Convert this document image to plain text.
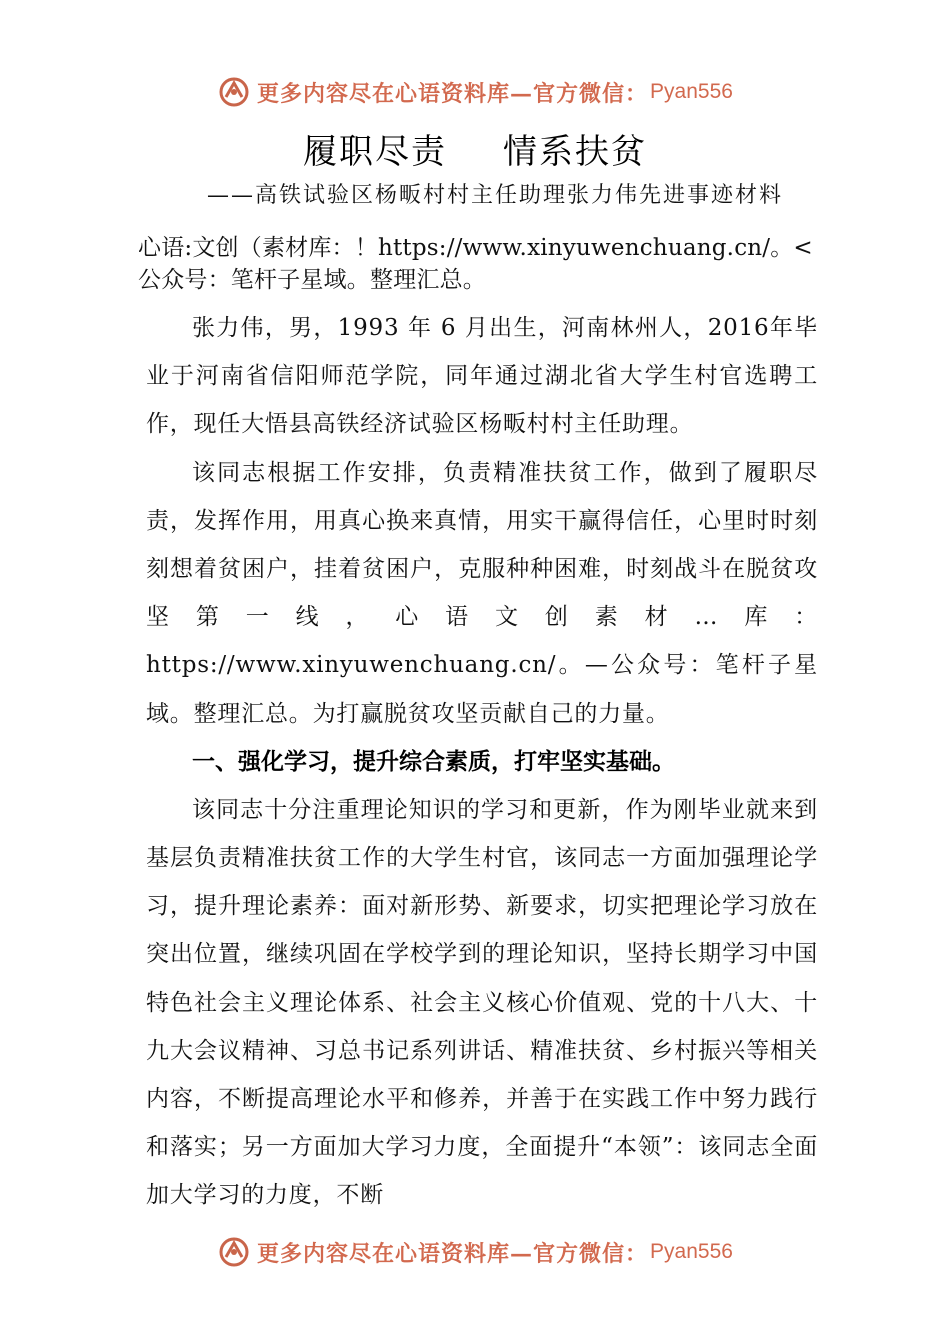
更多内容尽在心语资料库—官方微信： Pyan556
履职尽责 情系扶贫

——高铁试验区杨畈村村主任助理张力伟先进事迹材料

心语:文创（素材库：！https://www.xinyuwenchuang.cn/。<公众号：笔杆子星域。整理汇总。

张力伟，男，1993 年 6 月出生，河南林州人，2016年毕业于河南省信阳师范学院，同年通过湖北省大学生村官选聘工作，现任大悟县高铁经济试验区杨畈村村主任助理。

该同志根据工作安排，负责精准扶贫工作，做到了履职尽责，发挥作用，用真心换来真情，用实干赢得信任，心里时时刻刻想着贫困户，挂着贫困户，克服种种困难，时刻战斗在脱贫攻坚第一线，心语文创素材…库：https://www.xinyuwenchuang.cn/。—公众号：笔杆子星域。整理汇总。为打赢脱贫攻坚贡献自己的力量。

一、强化学习，提升综合素质，打牢坚实基础。

该同志十分注重理论知识的学习和更新，作为刚毕业就来到基层负责精准扶贫工作的大学生村官，该同志一方面加强理论学习，提升理论素养：面对新形势、新要求，切实把理论学习放在突出位置，继续巩固在学校学到的理论知识，坚持长期学习中国特色社会主义理论体系、社会主义核心价值观、党的十八大、十九大会议精神、习总书记系列讲话、精准扶贫、乡村振兴等相关内容，不断提高理论水平和修养，并善于在实践工作中努力践行和落实；另一方面加大学习力度，全面提升“本领”：该同志全面加大学习的力度，不断

更多内容尽在心语资料库—官方微信： Pyan556
